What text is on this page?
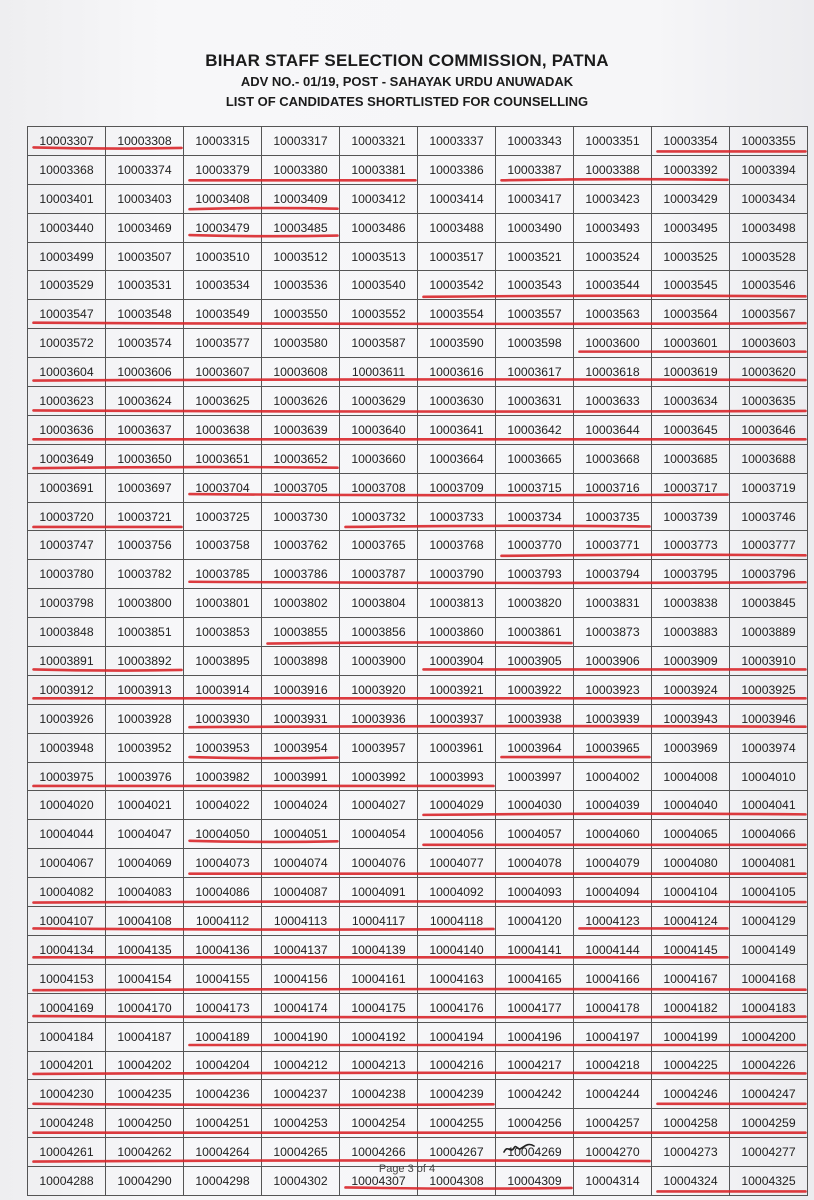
BIHAR STAFF SELECTION COMMISSION, PATNA
ADV NO.- 01/19, POST - SAHAYAK URDU ANUWADAK
LIST OF CANDIDATES SHORTLISTED FOR COUNSELLING
10003307	10003308	10003315	10003317	10003321	10003337	10003343	10003351	10003354	10003355
10003368	10003374	10003379	10003380	10003381	10003386	10003387	10003388	10003392	10003394
10003401	10003403	10003408	10003409	10003412	10003414	10003417	10003423	10003429	10003434
10003440	10003469	10003479	10003485	10003486	10003488	10003490	10003493	10003495	10003498
10003499	10003507	10003510	10003512	10003513	10003517	10003521	10003524	10003525	10003528
10003529	10003531	10003534	10003536	10003540	10003542	10003543	10003544	10003545	10003546
10003547	10003548	10003549	10003550	10003552	10003554	10003557	10003563	10003564	10003567
10003572	10003574	10003577	10003580	10003587	10003590	10003598	10003600	10003601	10003603
10003604	10003606	10003607	10003608	10003611	10003616	10003617	10003618	10003619	10003620
10003623	10003624	10003625	10003626	10003629	10003630	10003631	10003633	10003634	10003635
10003636	10003637	10003638	10003639	10003640	10003641	10003642	10003644	10003645	10003646
10003649	10003650	10003651	10003652	10003660	10003664	10003665	10003668	10003685	10003688
10003691	10003697	10003704	10003705	10003708	10003709	10003715	10003716	10003717	10003719
10003720	10003721	10003725	10003730	10003732	10003733	10003734	10003735	10003739	10003746
10003747	10003756	10003758	10003762	10003765	10003768	10003770	10003771	10003773	10003777
10003780	10003782	10003785	10003786	10003787	10003790	10003793	10003794	10003795	10003796
10003798	10003800	10003801	10003802	10003804	10003813	10003820	10003831	10003838	10003845
10003848	10003851	10003853	10003855	10003856	10003860	10003861	10003873	10003883	10003889
10003891	10003892	10003895	10003898	10003900	10003904	10003905	10003906	10003909	10003910
10003912	10003913	10003914	10003916	10003920	10003921	10003922	10003923	10003924	10003925
10003926	10003928	10003930	10003931	10003936	10003937	10003938	10003939	10003943	10003946
10003948	10003952	10003953	10003954	10003957	10003961	10003964	10003965	10003969	10003974
10003975	10003976	10003982	10003991	10003992	10003993	10003997	10004002	10004008	10004010
10004020	10004021	10004022	10004024	10004027	10004029	10004030	10004039	10004040	10004041
10004044	10004047	10004050	10004051	10004054	10004056	10004057	10004060	10004065	10004066
10004067	10004069	10004073	10004074	10004076	10004077	10004078	10004079	10004080	10004081
10004082	10004083	10004086	10004087	10004091	10004092	10004093	10004094	10004104	10004105
10004107	10004108	10004112	10004113	10004117	10004118	10004120	10004123	10004124	10004129
10004134	10004135	10004136	10004137	10004139	10004140	10004141	10004144	10004145	10004149
10004153	10004154	10004155	10004156	10004161	10004163	10004165	10004166	10004167	10004168
10004169	10004170	10004173	10004174	10004175	10004176	10004177	10004178	10004182	10004183
10004184	10004187	10004189	10004190	10004192	10004194	10004196	10004197	10004199	10004200
10004201	10004202	10004204	10004212	10004213	10004216	10004217	10004218	10004225	10004226
10004230	10004235	10004236	10004237	10004238	10004239	10004242	10004244	10004246	10004247
10004248	10004250	10004251	10004253	10004254	10004255	10004256	10004257	10004258	10004259
10004261	10004262	10004264	10004265	10004266	10004267	10004269	10004270	10004273	10004277
10004288	10004290	10004298	10004302	10004307	10004308	10004309	10004314	10004324	10004325
Page 3 of 4
